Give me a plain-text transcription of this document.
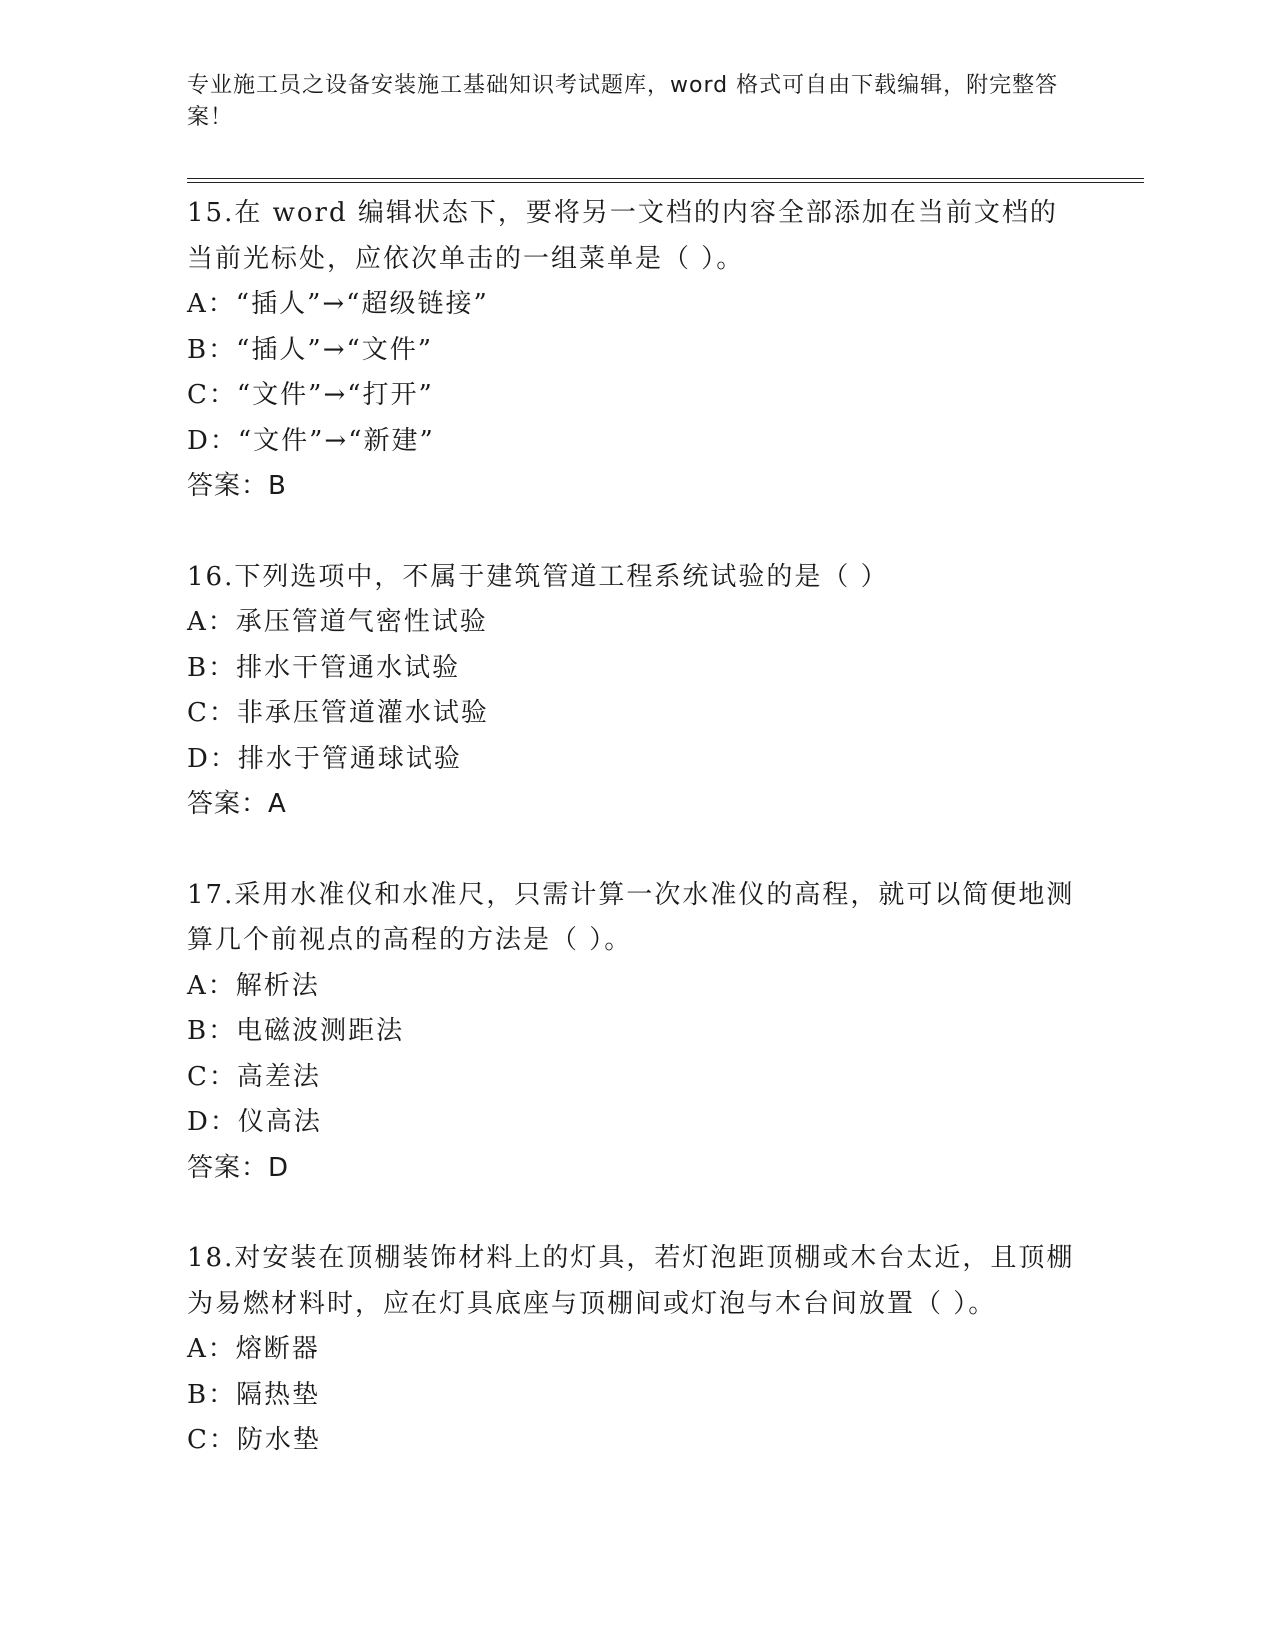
专业施工员之设备安装施工基础知识考试题库，word 格式可自由下载编辑，附完整答案！
15.在 word 编辑状态下，要将另一文档的内容全部添加在当前文档的当前光标处，应依次单击的一组菜单是（ ）。
A：“插人”→“超级链接”
B：“插人”→“文件”
C：“文件”→“打开”
D：“文件”→“新建”
答案：B
16.下列选项中，不属于建筑管道工程系统试验的是（ ）
A：承压管道气密性试验
B：排水干管通水试验
C：非承压管道灌水试验
D：排水于管通球试验
答案：A
17.采用水准仪和水准尺，只需计算一次水准仪的高程，就可以简便地测算几个前视点的高程的方法是（ ）。
A：解析法
B：电磁波测距法
C：高差法
D：仪高法
答案：D
18.对安装在顶棚装饰材料上的灯具，若灯泡距顶棚或木台太近，且顶棚为易燃材料时，应在灯具底座与顶棚间或灯泡与木台间放置（ ）。
A：熔断器
B：隔热垫
C：防水垫
